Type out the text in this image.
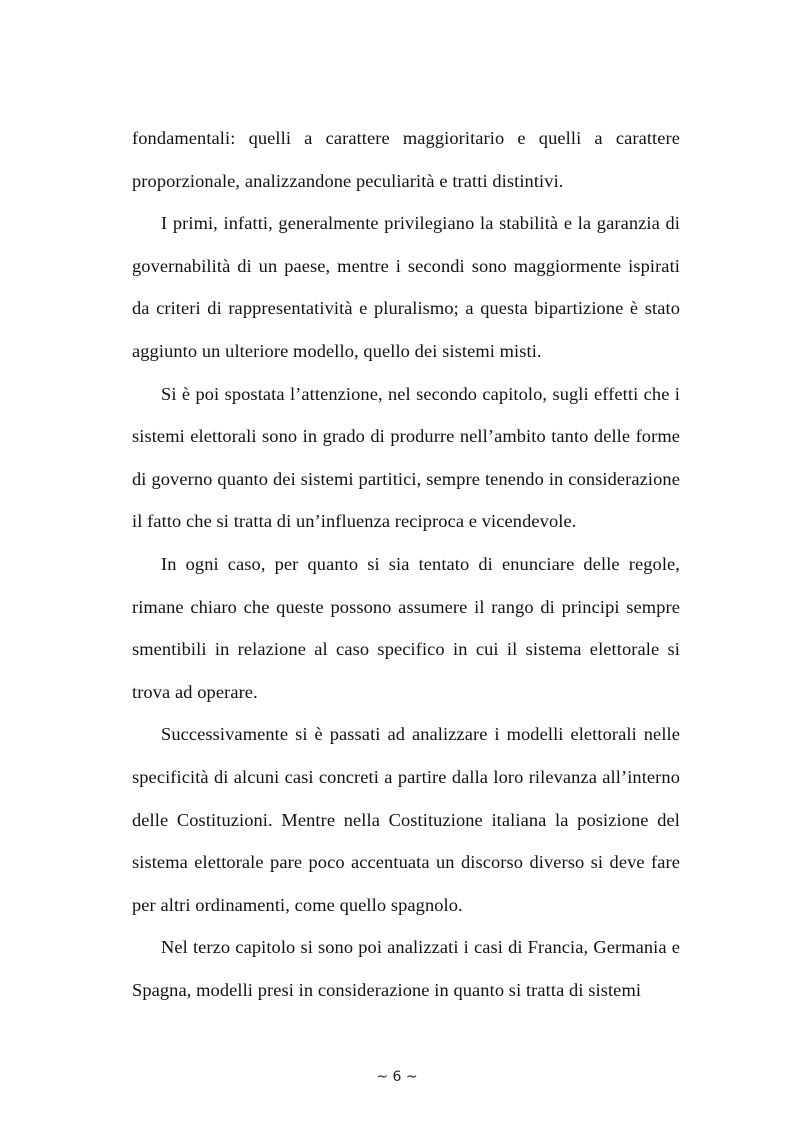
fondamentali: quelli a carattere maggioritario e quelli a carattere proporzionale, analizzandone peculiarità e tratti distintivi.

I primi, infatti, generalmente privilegiano la stabilità e la garanzia di governabilità di un paese, mentre i secondi sono maggiormente ispirati da criteri di rappresentatività e pluralismo; a questa bipartizione è stato aggiunto un ulteriore modello, quello dei sistemi misti.

Si è poi spostata l’attenzione, nel secondo capitolo, sugli effetti che i sistemi elettorali sono in grado di produrre nell’ambito tanto delle forme di governo quanto dei sistemi partitici, sempre tenendo in considerazione il fatto che si tratta di un’influenza reciproca e vicendevole.

In ogni caso, per quanto si sia tentato di enunciare delle regole, rimane chiaro che queste possono assumere il rango di principi sempre smentibili in relazione al caso specifico in cui il sistema elettorale si trova ad operare.

Successivamente si è passati ad analizzare i modelli elettorali nelle specificità di alcuni casi concreti a partire dalla loro rilevanza all’interno delle Costituzioni. Mentre nella Costituzione italiana la posizione del sistema elettorale pare poco accentuata un discorso diverso si deve fare per altri ordinamenti, come quello spagnolo.

Nel terzo capitolo si sono poi analizzati i casi di Francia, Germania e Spagna, modelli presi in considerazione in quanto si tratta di sistemi

~ 6 ~
